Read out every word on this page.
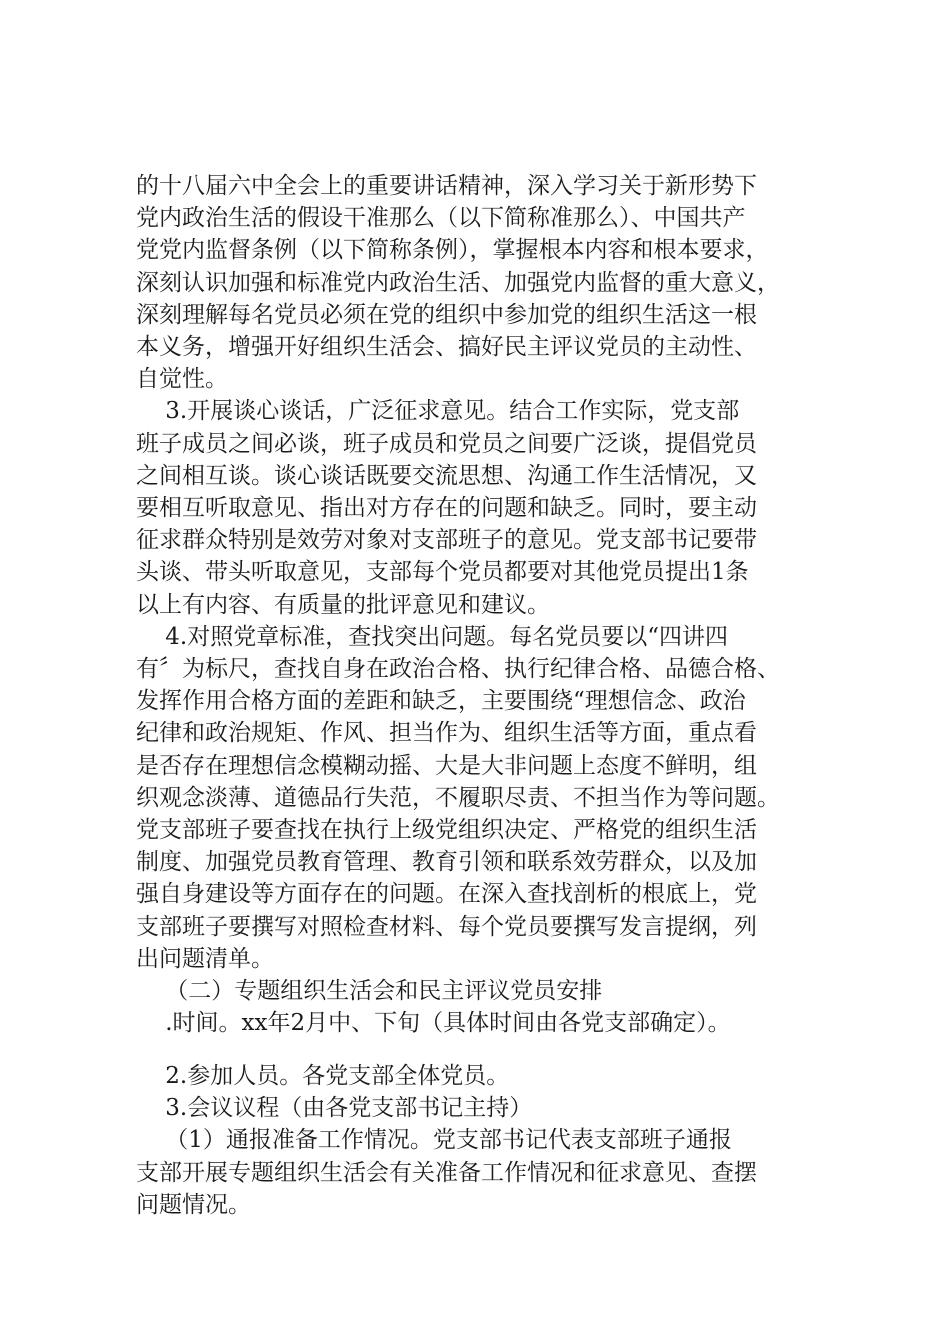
的十八届六中全会上的重要讲话精神，深入学习关于新形势下
党内政治生活的假设干准那么（以下简称准那么）、中国共产
党党内监督条例（以下简称条例），掌握根本内容和根本要求，
深刻认识加强和标准党内政治生活、加强党内监督的重大意义，
深刻理解每名党员必须在党的组织中参加党的组织生活这一根
本义务，增强开好组织生活会、搞好民主评议党员的主动性、
自觉性。
3.开展谈心谈话，广泛征求意见。结合工作实际，党支部
班子成员之间必谈，班子成员和党员之间要广泛谈，提倡党员
之间相互谈。谈心谈话既要交流思想、沟通工作生活情况，又
要相互听取意见、指出对方存在的问题和缺乏。同时，要主动
征求群众特别是效劳对象对支部班子的意见。党支部书记要带
头谈、带头听取意见，支部每个党员都要对其他党员提出1条
以上有内容、有质量的批评意见和建议。
4.对照党章标准，查找突出问题。每名党员要以“四讲四
有〞为标尺，查找自身在政治合格、执行纪律合格、品德合格、
发挥作用合格方面的差距和缺乏，主要围绕“理想信念、政治
纪律和政治规矩、作风、担当作为、组织生活等方面，重点看
是否存在理想信念模糊动摇、大是大非问题上态度不鲜明，组
织观念淡薄、道德品行失范，不履职尽责、不担当作为等问题。
党支部班子要查找在执行上级党组织决定、严格党的组织生活
制度、加强党员教育管理、教育引领和联系效劳群众，以及加
强自身建设等方面存在的问题。在深入查找剖析的根底上，党
支部班子要撰写对照检查材料、每个党员要撰写发言提纲，列
出问题清单。
（二）专题组织生活会和民主评议党员安排
.时间。xx年2月中、下旬（具体时间由各党支部确定）。
2.参加人员。各党支部全体党员。
3.会议议程（由各党支部书记主持）
（1）通报准备工作情况。党支部书记代表支部班子通报
支部开展专题组织生活会有关准备工作情况和征求意见、查摆
问题情况。
